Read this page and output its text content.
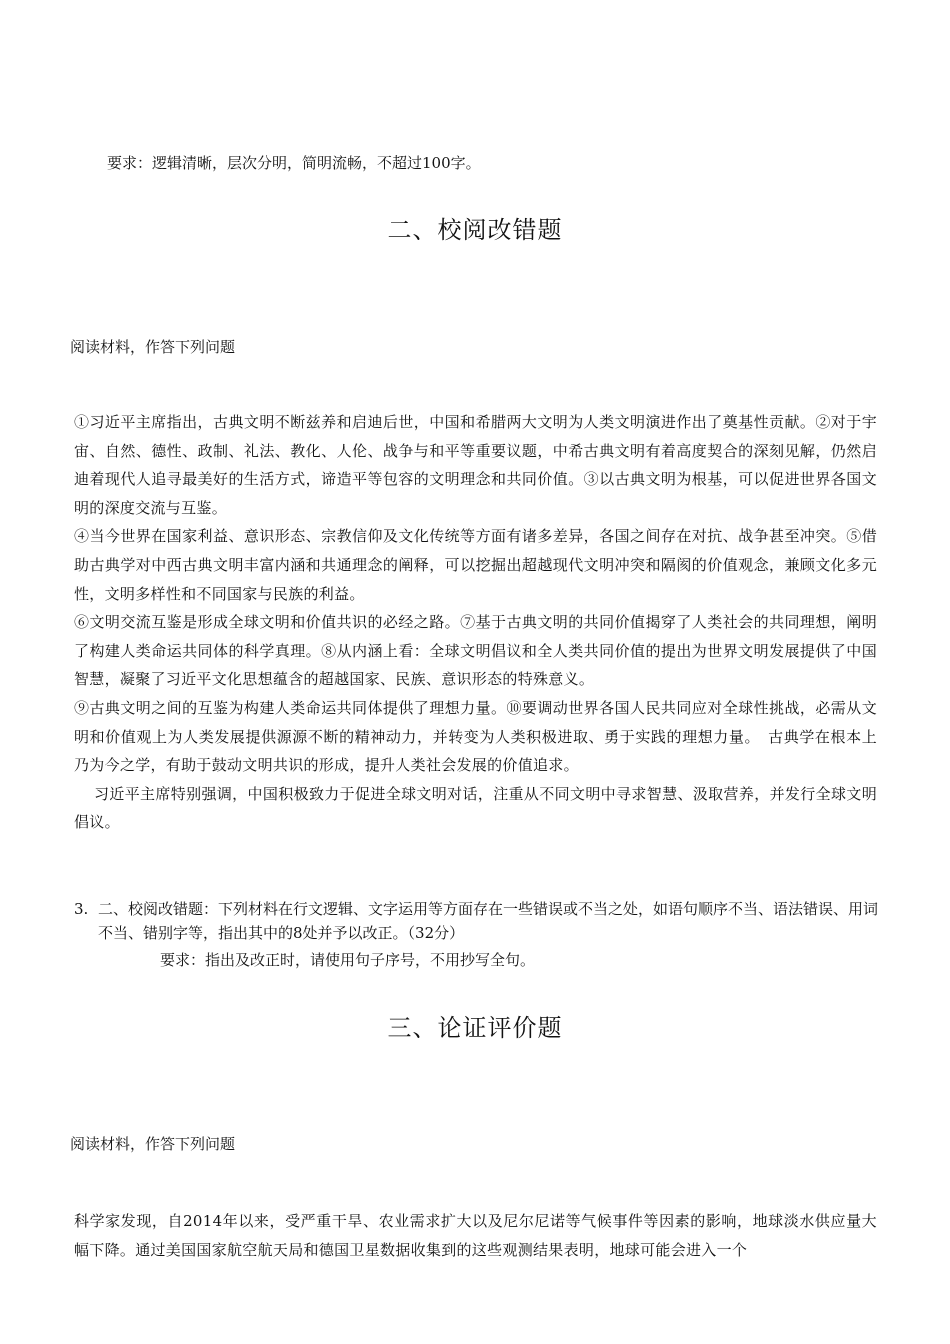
要求：逻辑清晰，层次分明，简明流畅，不超过100字。
二、校阅改错题
阅读材料，作答下列问题

①习近平主席指出，古典文明不断兹养和启迪后世，中国和希腊两大文明为人类文明演进作出了奠基性贡献。②对于宇宙、自然、德性、政制、礼法、教化、人伦、战争与和平等重要议题，中希古典文明有着高度契合的深刻见解，仍然启迪着现代人追寻最美好的生活方式，谛造平等包容的文明理念和共同价值。③以古典文明为根基，可以促进世界各国文明的深度交流与互鉴。

④当今世界在国家利益、意识形态、宗教信仰及文化传统等方面有诸多差异，各国之间存在对抗、战争甚至冲突。⑤借助古典学对中西古典文明丰富内涵和共通理念的阐释，可以挖掘出超越现代文明冲突和隔阂的价值观念，兼顾文化多元性，文明多样性和不同国家与民族的利益。

⑥文明交流互鉴是形成全球文明和价值共识的必经之路。⑦基于古典文明的共同价值揭穿了人类社会的共同理想，阐明了构建人类命运共同体的科学真理。⑧从内涵上看：全球文明倡议和全人类共同价值的提出为世界文明发展提供了中国智慧，凝聚了习近平文化思想蕴含的超越国家、民族、意识形态的特殊意义。

⑨古典文明之间的互鉴为构建人类命运共同体提供了理想力量。⑩要调动世界各国人民共同应对全球性挑战，必需从文明和价值观上为人类发展提供源源不断的精神动力，并转变为人类积极进取、勇于实践的理想力量。　古典学在根本上乃为今之学，有助于鼓动文明共识的形成，提升人类社会发展的价值追求。

习近平主席特别强调，中国积极致力于促进全球文明对话，注重从不同文明中寻求智慧、汲取营养，并发行全球文明倡议。

3. 二、校阅改错题：下列材料在行文逻辑、文字运用等方面存在一些错误或不当之处，如语句顺序不当、语法错误、用词不当、错别字等，指出其中的8处并予以改正。（32分）
要求：指出及改正时，请使用句子序号，不用抄写全句。
三、论证评价题
阅读材料，作答下列问题

科学家发现，自2014年以来，受严重干旱、农业需求扩大以及尼尔尼诺等气候事件等因素的影响，地球淡水供应量大幅下降。通过美国国家航空航天局和德国卫星数据收集到的这些观测结果表明，地球可能会进入一个
